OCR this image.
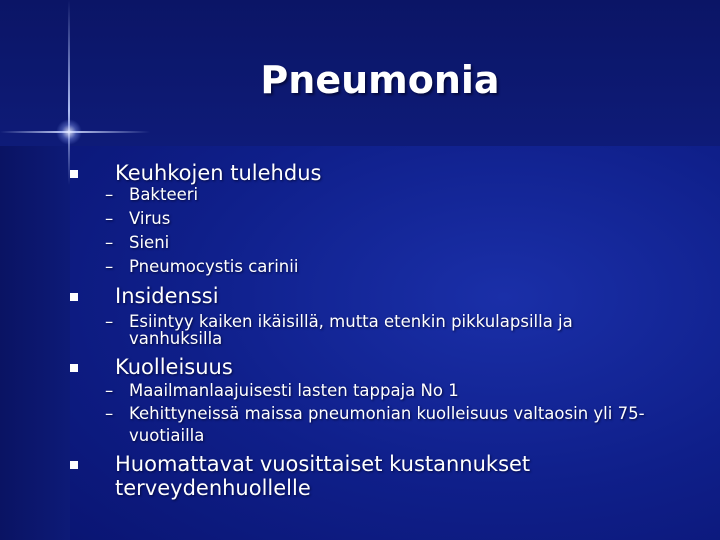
Pneumonia
Keuhkojen tulehdus
– Bakteeri
– Virus
– Sieni
– Pneumocystis carinii
Insidenssi
– Esiintyy kaiken ikäisillä, mutta etenkin pikkulapsilla ja
vanhuksilla
Kuolleisuus
– Maailmanlaajuisesti lasten tappaja No 1
– Kehittyneissä maissa pneumonian kuolleisuus valtaosin yli 75-
vuotiailla
Huomattavat vuosittaiset kustannukset
terveydenhuollelle
